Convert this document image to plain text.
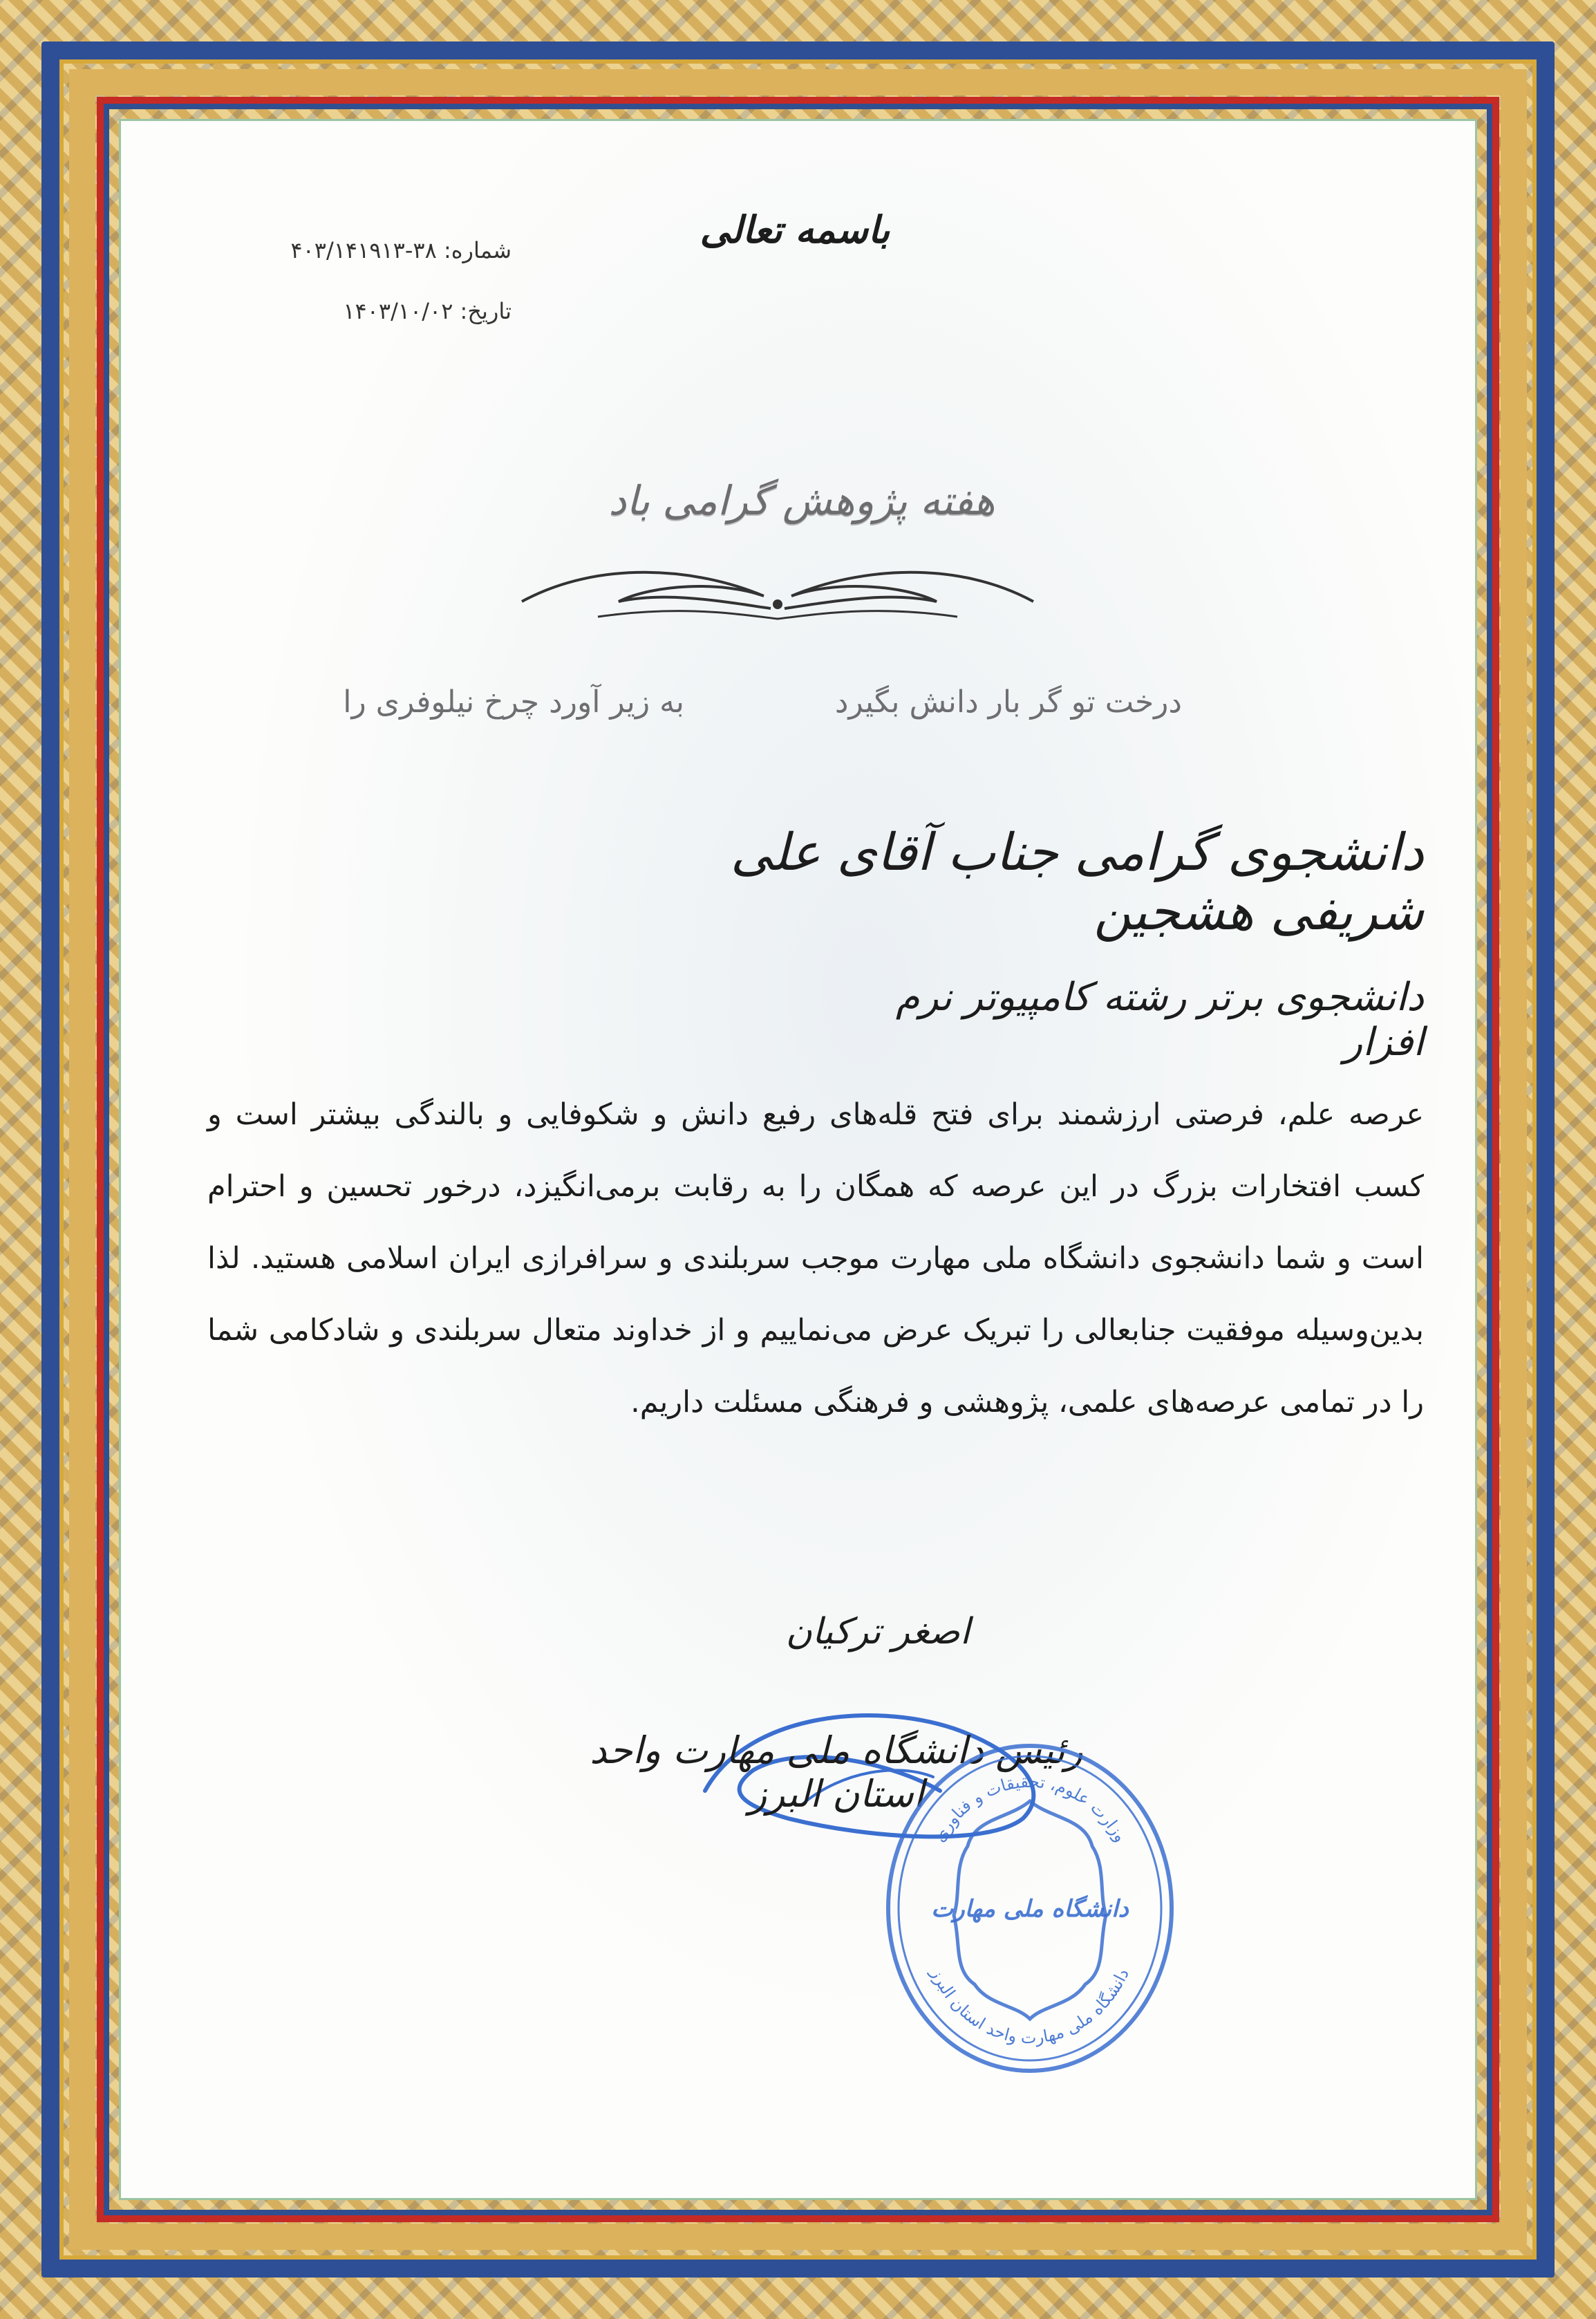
باسمه تعالی
شماره: ۳۸-۴۰۳/۱۴۱۹۱۳
تاریخ: ۱۴۰۳/۱۰/۰۲
هفته پژوهش گرامی باد
درخت تو گر بار دانش بگیرد
به زیر آورد چرخ نیلوفری را
دانشجوی گرامی جناب آقای علی شریفی هشجین
دانشجوی برتر رشته کامپیوتر نرم افزار
عرصه علم، فرصتی ارزشمند برای فتح قله‌های رفیع دانش و شکوفایی و بالندگی بیشتر است و کسب افتخارات بزرگ در این عرصه که همگان را به رقابت برمی‌انگیزد، درخور تحسین و احترام است و شما دانشجوی دانشگاه ملی مهارت موجب سربلندی و سرافرازی ایران اسلامی هستید. لذا بدین‌وسیله موفقیت جنابعالی را تبریک عرض می‌نماییم و از خداوند متعال سربلندی و شادکامی شما را در تمامی عرصه‌های علمی، پژوهشی و فرهنگی مسئلت داریم.
اصغر ترکیان
رئیس دانشگاه ملی مهارت واحد استان البرز
وزارت علوم، تحقیقات و فناوری
دانشگاه ملی مهارت واحد استان البرز
دانشگاه ملی مهارت
